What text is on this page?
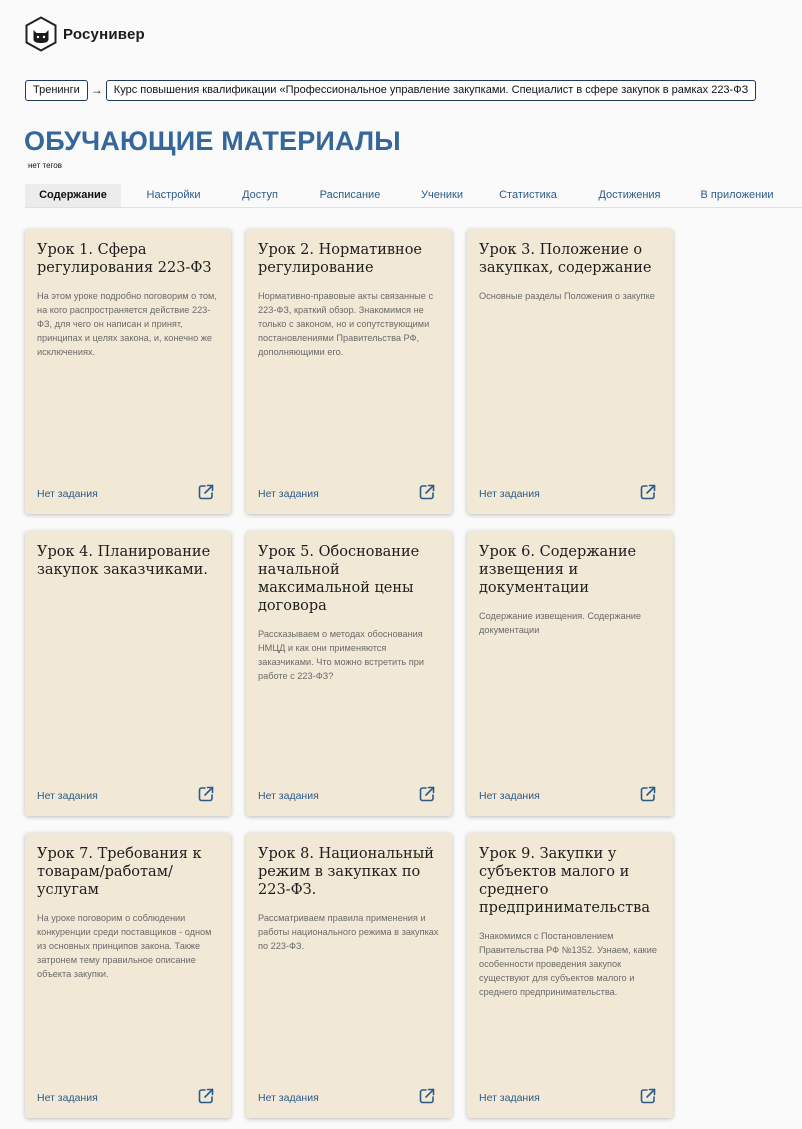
Росунивер
Тренинги →	Курс повышения квалификации «Профессиональное управление закупками. Специалист в сфере закупок в рамках 223-ФЗ
ОБУЧАЮЩИЕ МАТЕРИАЛЫ
нет тегов
Содержание	Настройки	Доступ	Расписание	Ученики	Статистика	Достижения	В приложении
Урок 1. Сфера регулирования 223-ФЗ
На этом уроке подробно поговорим о том, на кого распространяется действие 223-ФЗ, для чего он написан и принят, принципах и целях закона, и, конечно же исключениях.
Нет задания
Урок 2. Нормативное регулирование
Нормативно-правовые акты связанные с 223-ФЗ, краткий обзор. Знакомимся не только с законом, но и сопутствующими постановлениями Правительства РФ, дополняющими его.
Нет задания
Урок 3. Положение о закупках, содержание
Основные разделы Положения о закупке
Нет задания
Урок 4. Планирование закупок заказчиками.
Нет задания
Урок 5. Обоснование начальной максимальной цены договора
Рассказываем о методах обоснования НМЦД и как они применяются заказчиками. Что можно встретить при работе с 223-ФЗ?
Нет задания
Урок 6. Содержание извещения и документации
Содержание извещения. Содержание документации
Нет задания
Урок 7. Требования к товарам/работам/услугам
На уроке поговорим о соблюдении конкуренции среди поставщиков - одном из основных принципов закона. Также затронем тему правильное описание объекта закупки.
Нет задания
Урок 8. Национальный режим в закупках по 223-ФЗ.
Рассматриваем правила применения и работы национального режима в закупках по 223-ФЗ.
Нет задания
Урок 9. Закупки у субъектов малого и среднего предпринимательства
Знакомимся с Постановлением Правительства РФ №1352. Узнаем, какие особенности проведения закупок существуют для субъектов малого и среднего предпринимательства.
Нет задания
